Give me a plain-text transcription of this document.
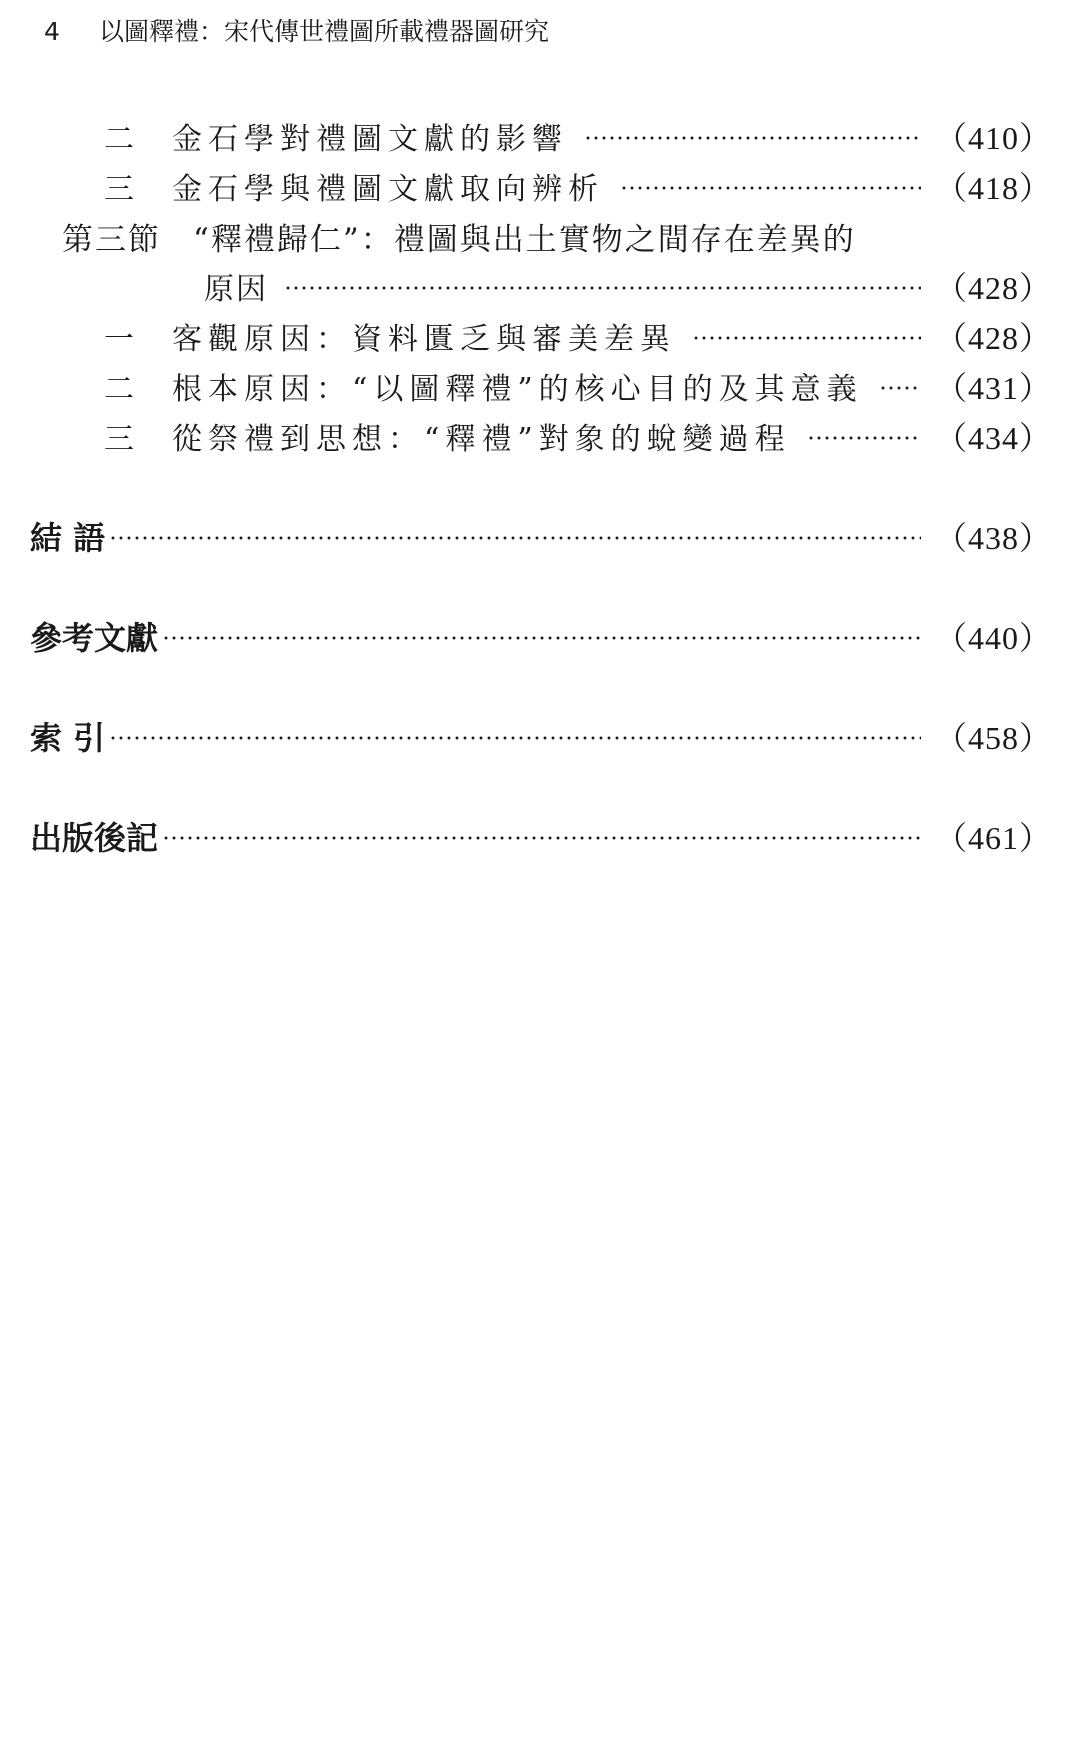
4 以圖釋禮：宋代傳世禮圖所載禮器圖研究
二	金石學對禮圖文獻的影響	（410）
三	金石學與禮圖文獻取向辨析	（418）
第三節 “釋禮歸仁”：禮圖與出土實物之間存在差異的
原因	（428）
一	客觀原因：資料匱乏與審美差異	（428）
二	根本原因：“以圖釋禮”的核心目的及其意義 （431）
三	從祭禮到思想：“釋禮”對象的蛻變過程	（434）
結 語	（438）
參考文獻	（440）
索 引	（458）
出版後記	（461）
